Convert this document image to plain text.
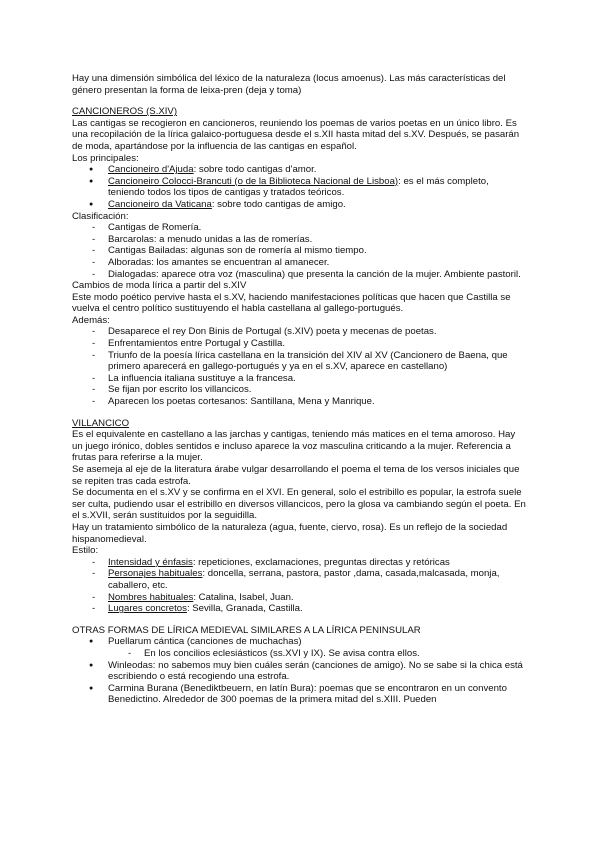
Hay una dimensión simbólica del léxico de la naturaleza (locus amoenus). Las más características del género presentan la forma de leixa-pren (deja y toma)

CANCIONEROS (S.XIV)

Las cantigas se recogieron en cancioneros, reuniendo los poemas de varios poetas en un único libro. Es una recopilación de la lírica galaico-portuguesa desde el s.XII hasta mitad del s.XV. Después, se pasarán de moda, apartándose por la influencia de las cantigas en español.

Los principales:

● Cancioneiro d'Ajuda: sobre todo cantigas d'amor.
● Cancioneiro Colocci-Brancuti (o de la Biblioteca Nacional de Lisboa): es el más completo, teniendo todos los tipos de cantigas y tratados teóricos.
● Cancioneiro da Vaticana: sobre todo cantigas de amigo.

Clasificación:

- Cantigas de Romería.
- Barcarolas: a menudo unidas a las de romerías.
- Cantigas Bailadas: algunas son de romería al mismo tiempo.
- Alboradas: los amantes se encuentran al amanecer.
- Dialogadas: aparece otra voz (masculina) que presenta la canción de la mujer. Ambiente pastoril.

Cambios de moda lírica a partir del s.XIV

Este modo poético pervive hasta el s.XV, haciendo manifestaciones políticas que hacen que Castilla se vuelva el centro político sustituyendo el habla castellana al gallego-portugués.

Además:

- Desaparece el rey Don Binis de Portugal (s.XIV) poeta y mecenas de poetas.
- Enfrentamientos entre Portugal y Castilla.
- Triunfo de la poesía lírica castellana en la transición del XIV al XV (Cancionero de Baena, que primero aparecerá en gallego-portugués y ya en el s.XV, aparece en castellano)
- La influencia italiana sustituye a la francesa.
- Se fijan por escrito los villancicos.
- Aparecen los poetas cortesanos: Santillana, Mena y Manrique.

VILLANCICO

Es el equivalente en castellano a las jarchas y cantigas, teniendo más matices en el tema amoroso. Hay un juego irónico, dobles sentidos e incluso aparece la voz masculina criticando a la mujer. Referencia a frutas para referirse a la mujer.

Se asemeja al eje de la literatura árabe vulgar desarrollando el poema el tema de los versos iniciales que se repiten tras cada estrofa.

Se documenta en el s.XV y se confirma en el XVI. En general, solo el estribillo es popular, la estrofa suele ser culta, pudiendo usar el estribillo en diversos villancicos, pero la glosa va cambiando según el poeta. En el s.XVII, serán sustituidos por la seguidilla.

Hay un tratamiento simbólico de la naturaleza (agua, fuente, ciervo, rosa). Es un reflejo de la sociedad hispanomedieval.

Estilo:

- Intensidad y énfasis: repeticiones, exclamaciones, preguntas directas y retóricas
- Personajes habituales: doncella, serrana, pastora, pastor ,dama, casada,malcasada, monja, caballero, etc.
- Nombres habituales: Catalina, Isabel, Juan.
- Lugares concretos: Sevilla, Granada, Castilla.

OTRAS FORMAS DE LÍRICA MEDIEVAL SIMILARES A LA LÍRICA PENINSULAR

● Puellarum cántica (canciones de muchachas)
- En los concilios eclesiásticos (ss.XVI y IX). Se avisa contra ellos.
● Winleodas: no sabemos muy bien cuáles serán (canciones de amigo). No se sabe si la chica está escribiendo o está recogiendo una estrofa.
● Carmina Burana (Benediktbeuern, en latín Bura): poemas que se encontraron en un convento Benedictino. Alrededor de 300 poemas de la primera mitad del s.XIII. Pueden
